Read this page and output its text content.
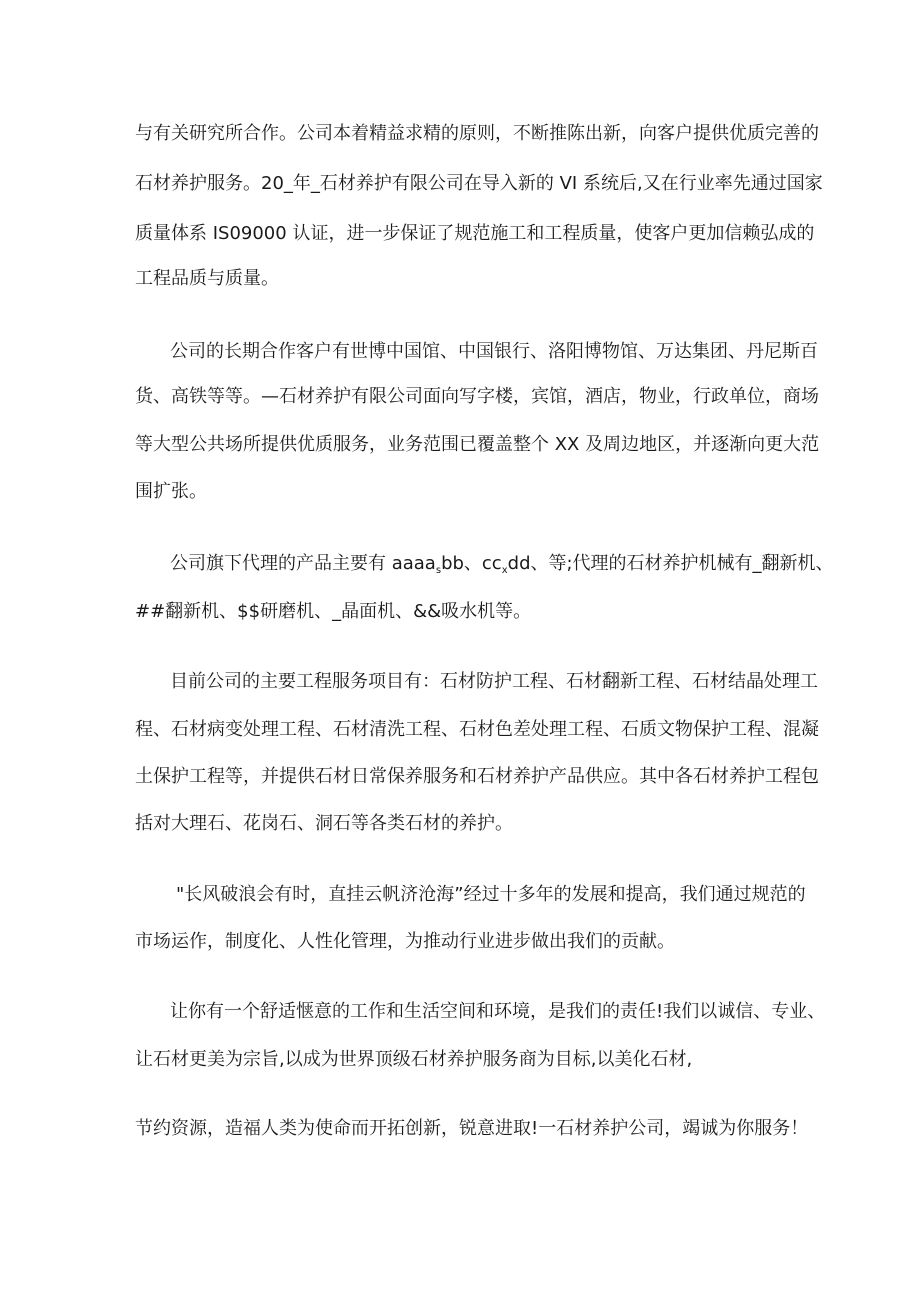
与有关研究所合作。公司本着精益求精的原则，不断推陈出新，向客户提供优质完善的
石材养护服务。20_年_石材养护有限公司在导入新的 VI 系统后,又在行业率先通过国家
质量体系 IS09000 认证，进一步保证了规范施工和工程质量，使客户更加信赖弘成的
工程品质与质量。
公司的长期合作客户有世博中国馆、中国银行、洛阳博物馆、万达集团、丹尼斯百
货、高铁等等。—石材养护有限公司面向写字楼，宾馆，酒店，物业，行政单位，商场
等大型公共场所提供优质服务，业务范围已覆盖整个 XX 及周边地区，并逐渐向更大范
围扩张。
公司旗下代理的产品主要有 aaaa$_s$bb、$cc_xdd$、等;代理的石材养护机械有_翻新机、
##翻新机、$$研磨机、_晶面机、&&吸水机等。
目前公司的主要工程服务项目有：石材防护工程、石材翻新工程、石材结晶处理工
程、石材病变处理工程、石材清洗工程、石材色差处理工程、石质文物保护工程、混凝
土保护工程等，并提供石材日常保养服务和石材养护产品供应。其中各石材养护工程包
括对大理石、花岗石、洞石等各类石材的养护。
"长风破浪会有时，直挂云帆济沧海”经过十多年的发展和提高，我们通过规范的
市场运作，制度化、人性化管理，为推动行业进步做出我们的贡献。
让你有一个舒适惬意的工作和生活空间和环境，是我们的责任!我们以诚信、专业、
让石材更美为宗旨,以成为世界顶级石材养护服务商为目标,以美化石材,
节约资源，造福人类为使命而开拓创新，锐意进取!一石材养护公司，竭诚为你服务！
